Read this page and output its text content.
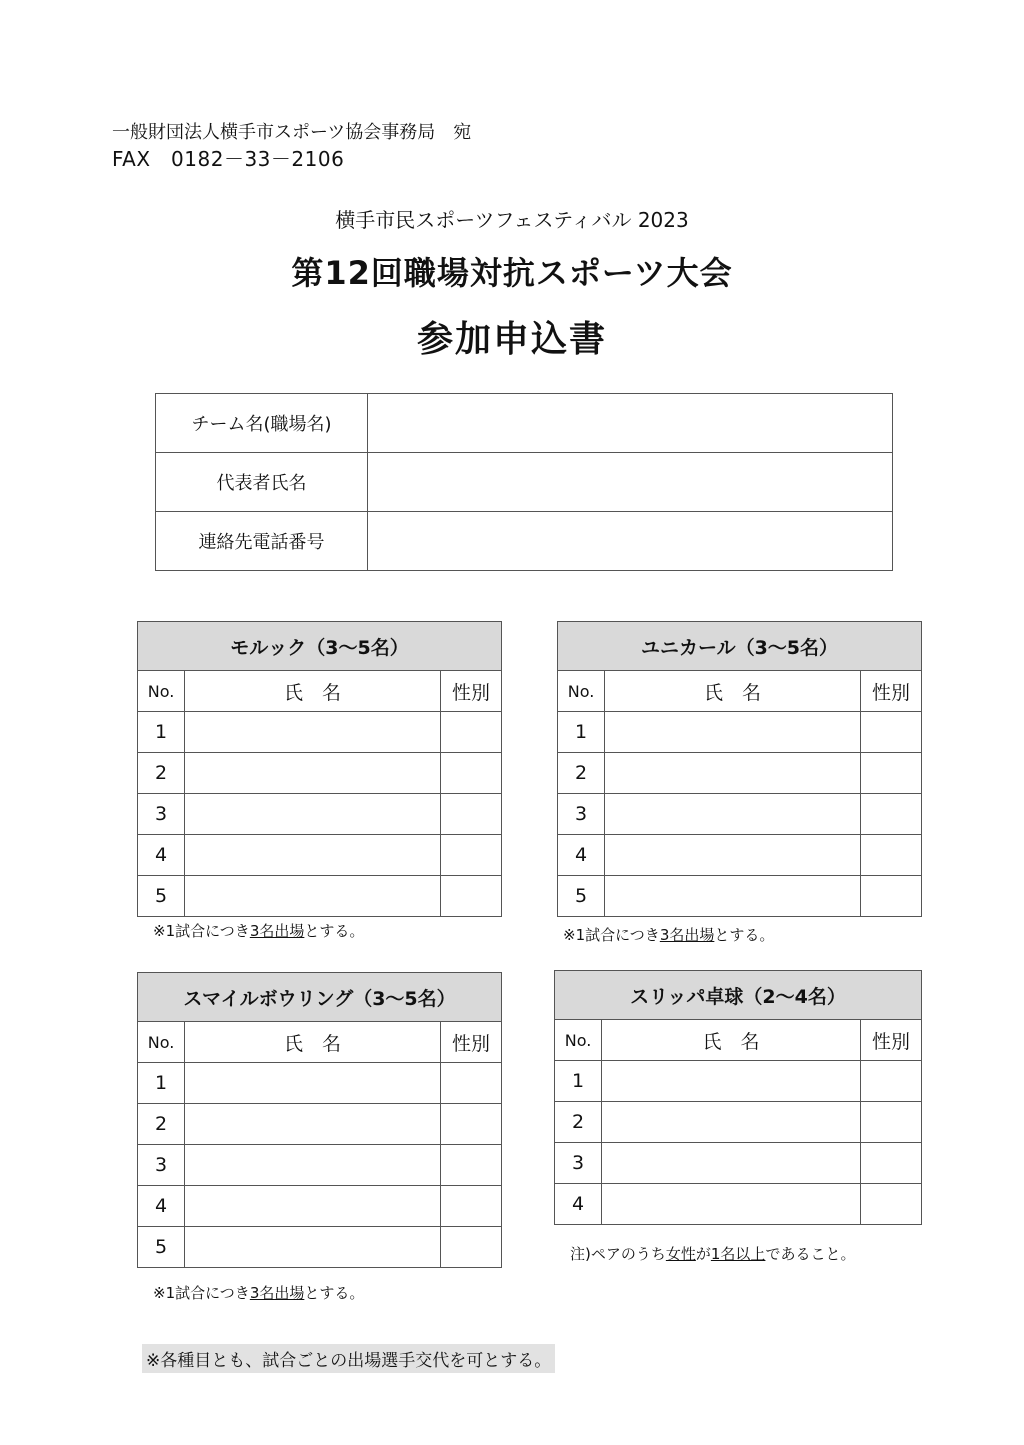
一般財団法人横手市スポーツ協会事務局　宛
FAX　0182－33－2106
横手市民スポーツフェスティバル 2023
第12回職場対抗スポーツ大会
参加申込書
チーム名(職場名)	
代表者氏名	
連絡先電話番号	
モルック（3～5名）		
No.	氏　名	性別
1		
2		
3		
4		
5		
※1試合につき3名出場とする。
ユニカール（3～5名）		
No.	氏　名	性別
1		
2		
3		
4		
5		
※1試合につき3名出場とする。
スマイルボウリング（3～5名）		
No.	氏　名	性別
1		
2		
3		
4		
5		
※1試合につき3名出場とする。
スリッパ卓球（2～4名）		
No.	氏　名	性別
1		
2		
3		
4		
注)ペアのうち女性が1名以上であること。
※各種目とも、試合ごとの出場選手交代を可とする。
